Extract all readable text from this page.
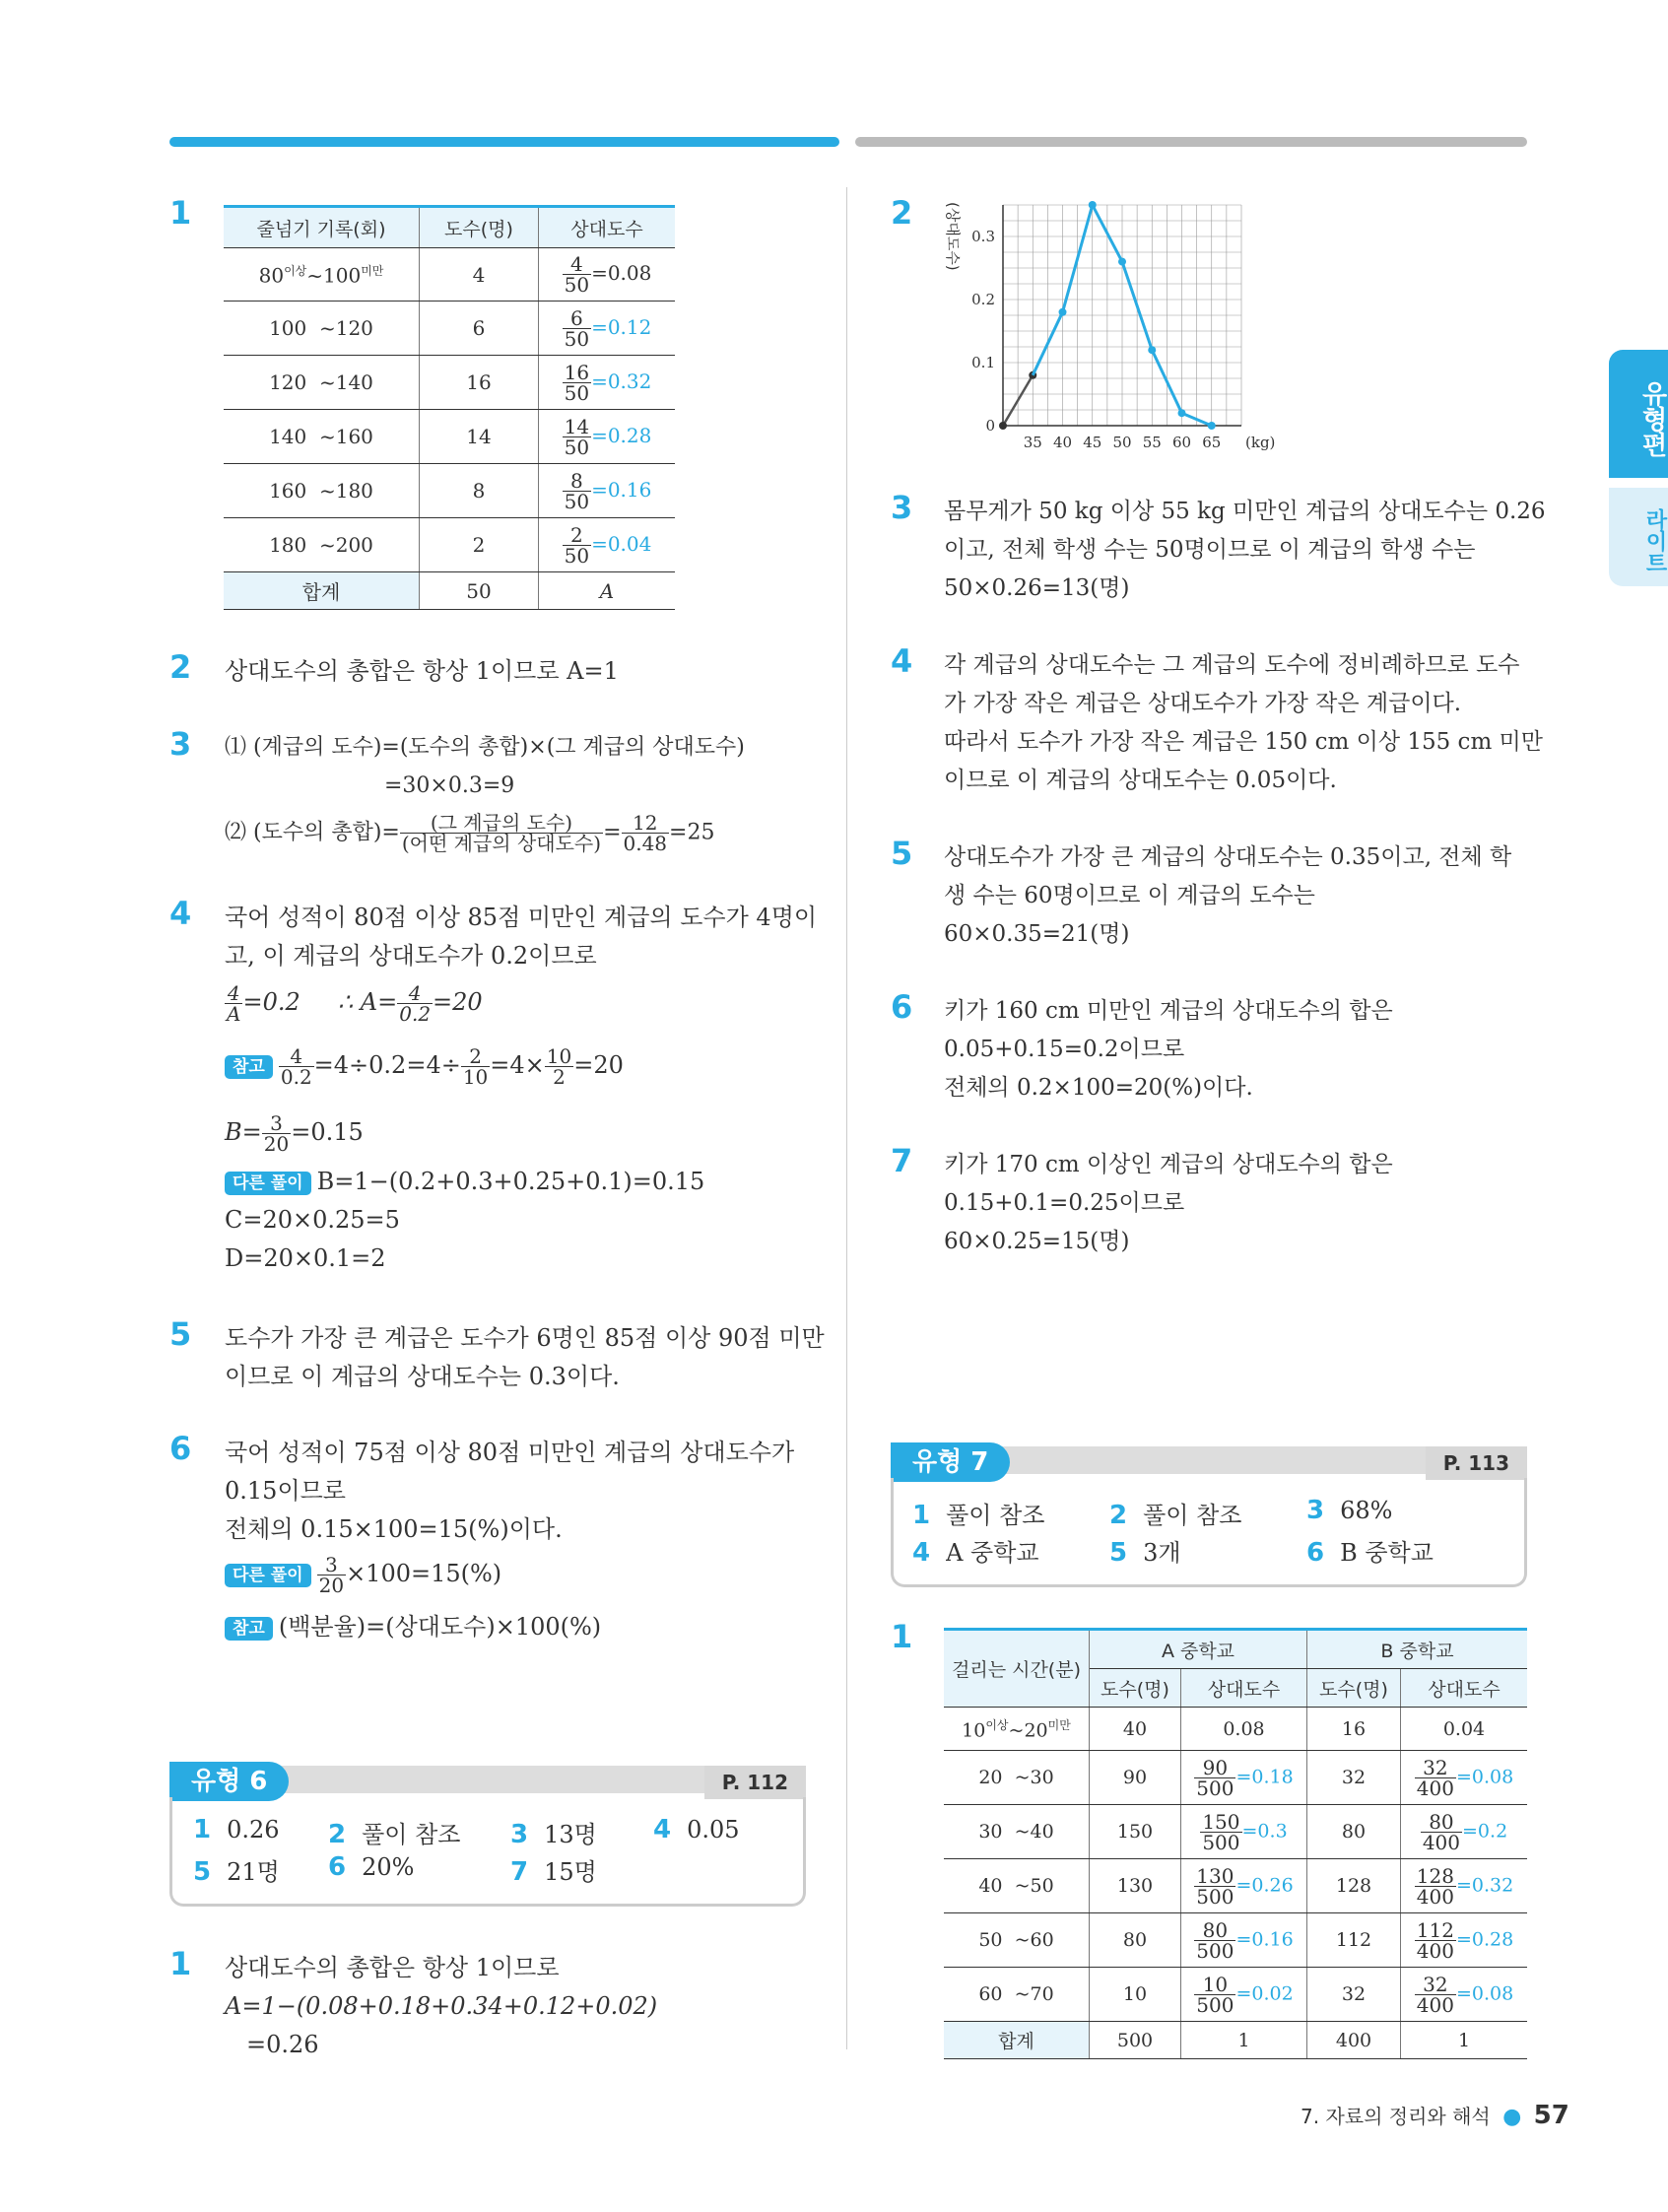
유형편
라이트
1	줄넘기 기록(회)	도수(명)	상대도수
$80^{이상}\sim 100^{미만}$	4	$\frac{4}{50} =0.08$
100  ~120	6	$\frac{6}{50} =0.12$
120  ~140	16	$\frac{16}{50} =0.32$
140  ~160	14	$\frac{14}{50} =0.28$
160  ~180	8	$\frac{8}{50} =0.16$
180  ~200	2	$\frac{2}{50} =0.04$
합계	50	A
2 상대도수의 총합은 항상 1이므로 A=1
3 ⑴ (계급의 도수)=(도수의 총합)×(그 계급의 상대도수)
=30×0.3=9
⑵ (도수의 총합)=	(그 계급의 도수)
(어떤 계급의 상대도수) = $\frac{12}{0.48} =25$
4 국어 성적이 80점 이상 85점 미만인 계급의 도수가 4명이
고, 이 계급의 상대도수가 0.2이므로
$\frac{4}{A} =0.2$ ∴ $A= \frac{4}{0.2} =20$
참고 $\frac{4}{0.2} =4\div 0.2=4\div \frac{2}{10} =4\times \frac{10}{2} =20$
$B= \frac{3}{20} =0.15$
다른 풀이 B=1−(0.2+0.3+0.25+0.1)=0.15
C=20×0.25=5
D=20×0.1=2
5 도수가 가장 큰 계급은 도수가 6명인 85점 이상 90점 미만
이므로 이 계급의 상대도수는 0.3이다.
6 국어 성적이 75점 이상 80점 미만인 계급의 상대도수가
0.15이므로
전체의 0.15×100=15(%)이다.
다른 풀이 $\frac{3}{20} \times 100=15(\%)$
참고 (백분율)=(상대도수)×100(%)
유형 6	P. 112
1 0.26 2 풀이 참조 3 13명 4 0.05
5 21명 6 20%	7 15명
1 상대도수의 총합은 항상 1이므로
A=1−(0.08+0.18+0.34+0.12+0.02)
=0.26
2
0
0.1
0.2
0.3
35 40 45 50 55 60 65 (kg)
(상대도수)
3 몸무게가 50 kg 이상 55 kg 미만인 계급의 상대도수는 0.26
이고, 전체 학생 수는 50명이므로 이 계급의 학생 수는
50×0.26=13(명)
4 각 계급의 상대도수는 그 계급의 도수에 정비례하므로 도수
가 가장 작은 계급은 상대도수가 가장 작은 계급이다.
따라서 도수가 가장 작은 계급은 150 cm 이상 155 cm 미만
이므로 이 계급의 상대도수는 0.05이다.
5 상대도수가 가장 큰 계급의 상대도수는 0.35이고, 전체 학
생 수는 60명이므로 이 계급의 도수는
60×0.35=21(명)
6 키가 160 cm 미만인 계급의 상대도수의 합은
0.05+0.15=0.2이므로
전체의 0.2×100=20(%)이다.
7 키가 170 cm 이상인 계급의 상대도수의 합은
0.15+0.1=0.25이므로
60×0.25=15(명)
유형 7	P. 113
1 풀이 참조	2 풀이 참조	3 68%
4 A 중학교	5 3개	6 B 중학교
1
걸리는 시간(분)	A 중학교		B 중학교	
	도수(명)	상대도수	도수(명)	상대도수
$10^{이상}\sim 20^{미만}$	40	0.08	16	0.04
20  ~30	90	$\frac{90}{500} =0.18$	32	$\frac{32}{400} =0.08$
30  ~40	150	$\frac{150}{500} =0.3$	80	$\frac{80}{400} =0.2$
40  ~50	130	$\frac{130}{500} =0.26$	128	$\frac{128}{400} =0.32$
50  ~60	80	$\frac{80}{500} =0.16$	112	$\frac{112}{400} =0.28$
60  ~70	10	$\frac{10}{500} =0.02$	32	$\frac{32}{400} =0.08$
합계	500	1	400	1
7. 자료의 정리와 해석 ● 57
